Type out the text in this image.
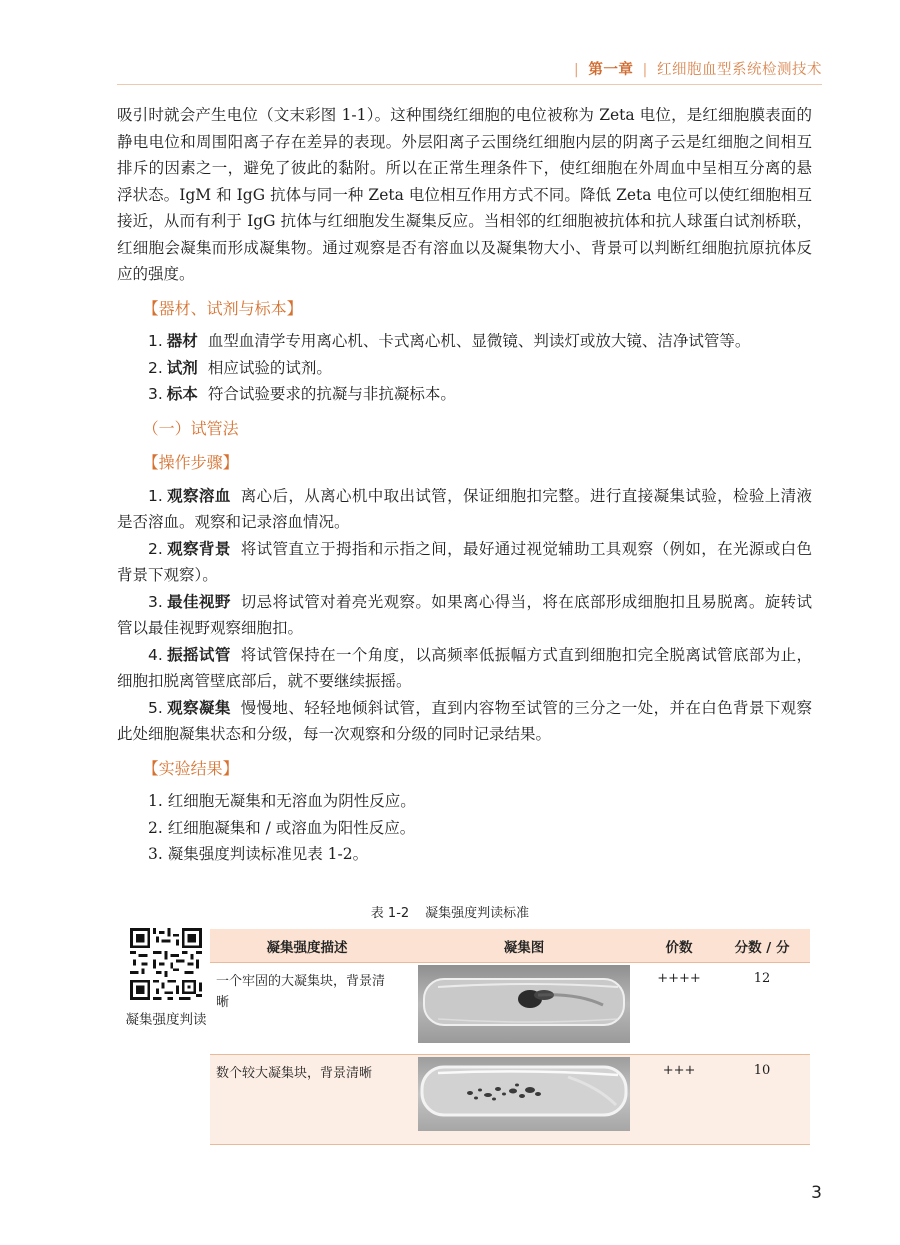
| 第一章 | 红细胞血型系统检测技术

吸引时就会产生电位（文末彩图 1-1）。这种围绕红细胞的电位被称为 Zeta 电位，是红细胞膜表面的静电电位和周围阳离子存在差异的表现。外层阳离子云围绕红细胞内层的阴离子云是红细胞之间相互排斥的因素之一，避免了彼此的黏附。所以在正常生理条件下，使红细胞在外周血中呈相互分离的悬浮状态。IgM 和 IgG 抗体与同一种 Zeta 电位相互作用方式不同。降低 Zeta 电位可以使红细胞相互接近，从而有利于 IgG 抗体与红细胞发生凝集反应。当相邻的红细胞被抗体和抗人球蛋白试剂桥联，红细胞会凝集而形成凝集物。通过观察是否有溶血以及凝集物大小、背景可以判断红细胞抗原抗体反应的强度。

【器材、试剂与标本】

1. 器材 血型血清学专用离心机、卡式离心机、显微镜、判读灯或放大镜、洁净试管等。

2. 试剂 相应试验的试剂。

3. 标本 符合试验要求的抗凝与非抗凝标本。

（一）试管法

【操作步骤】

1. 观察溶血 离心后，从离心机中取出试管，保证细胞扣完整。进行直接凝集试验，检验上清液是否溶血。观察和记录溶血情况。

2. 观察背景 将试管直立于拇指和示指之间，最好通过视觉辅助工具观察（例如，在光源或白色背景下观察）。

3. 最佳视野 切忌将试管对着亮光观察。如果离心得当，将在底部形成细胞扣且易脱离。旋转试管以最佳视野观察细胞扣。

4. 振摇试管 将试管保持在一个角度，以高频率低振幅方式直到细胞扣完全脱离试管底部为止，细胞扣脱离管壁底部后，就不要继续振摇。

5. 观察凝集 慢慢地、轻轻地倾斜试管，直到内容物至试管的三分之一处，并在白色背景下观察此处细胞凝集状态和分级，每一次观察和分级的同时记录结果。

【实验结果】

1. 红细胞无凝集和无溶血为阴性反应。

2. 红细胞凝集和 / 或溶血为阳性反应。

3. 凝集强度判读标准见表 1-2。

表 1-2 凝集强度判读标准
凝集强度判读
凝集强度描述	凝集图	价数	分数 / 分
一个牢固的大凝集块，背景清晰		++++	12
数个较大凝集块，背景清晰		+++	10
3
